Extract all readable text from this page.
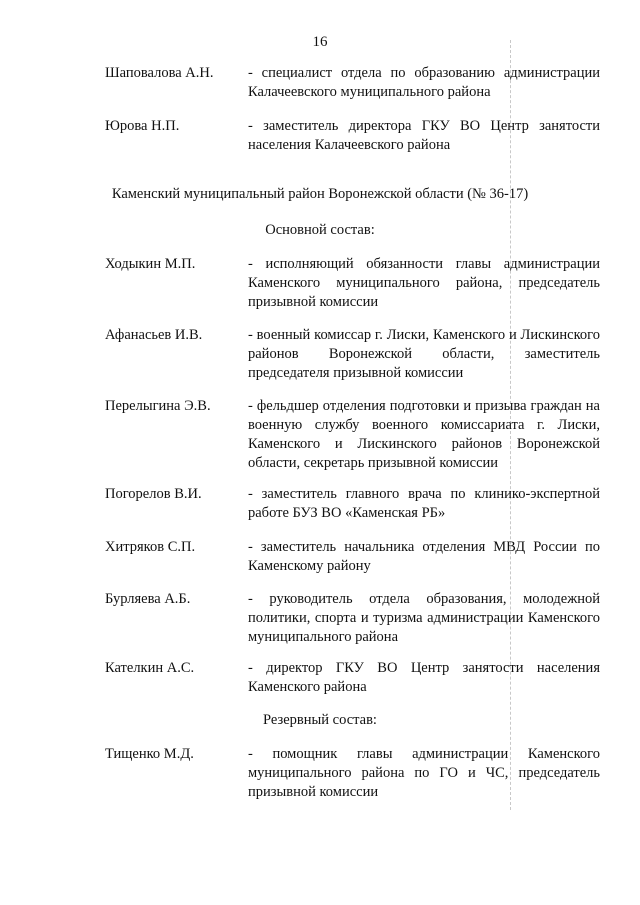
16
Шаповалова А.Н. - специалист отдела по образованию администрации Калачеевского муниципального района
Юрова Н.П.	- заместитель директора ГКУ ВО Центр занятости населения Калачеевского района
Каменский муниципальный район Воронежской области (№ 36-17)
Основной состав:
Ходыкин М.П.	- исполняющий обязанности главы администрации Каменского муниципального района, председатель призывной комиссии
Афанасьев И.В.	- военный комиссар г. Лиски, Каменского и Лискинского районов Воронежской области, заместитель председателя призывной комиссии
Перелыгина Э.В.	- фельдшер отделения подготовки и призыва граждан на военную службу военного комиссариата г. Лиски, Каменского и Лискинского районов Воронежской области, секретарь призывной комиссии
Погорелов В.И.	- заместитель главного врача по клинико-экспертной работе БУЗ ВО «Каменская РБ»
Хитряков С.П.	- заместитель начальника отделения МВД России по Каменскому району
Бурляева А.Б.	- руководитель отдела образования, молодежной политики, спорта и туризма администрации Каменского муниципального района
Кателкин А.С.	- директор ГКУ ВО Центр занятости населения Каменского района
Резервный состав:
Тищенко М.Д.	- помощник главы администрации Каменского муниципального района по ГО и ЧС, председатель призывной комиссии
